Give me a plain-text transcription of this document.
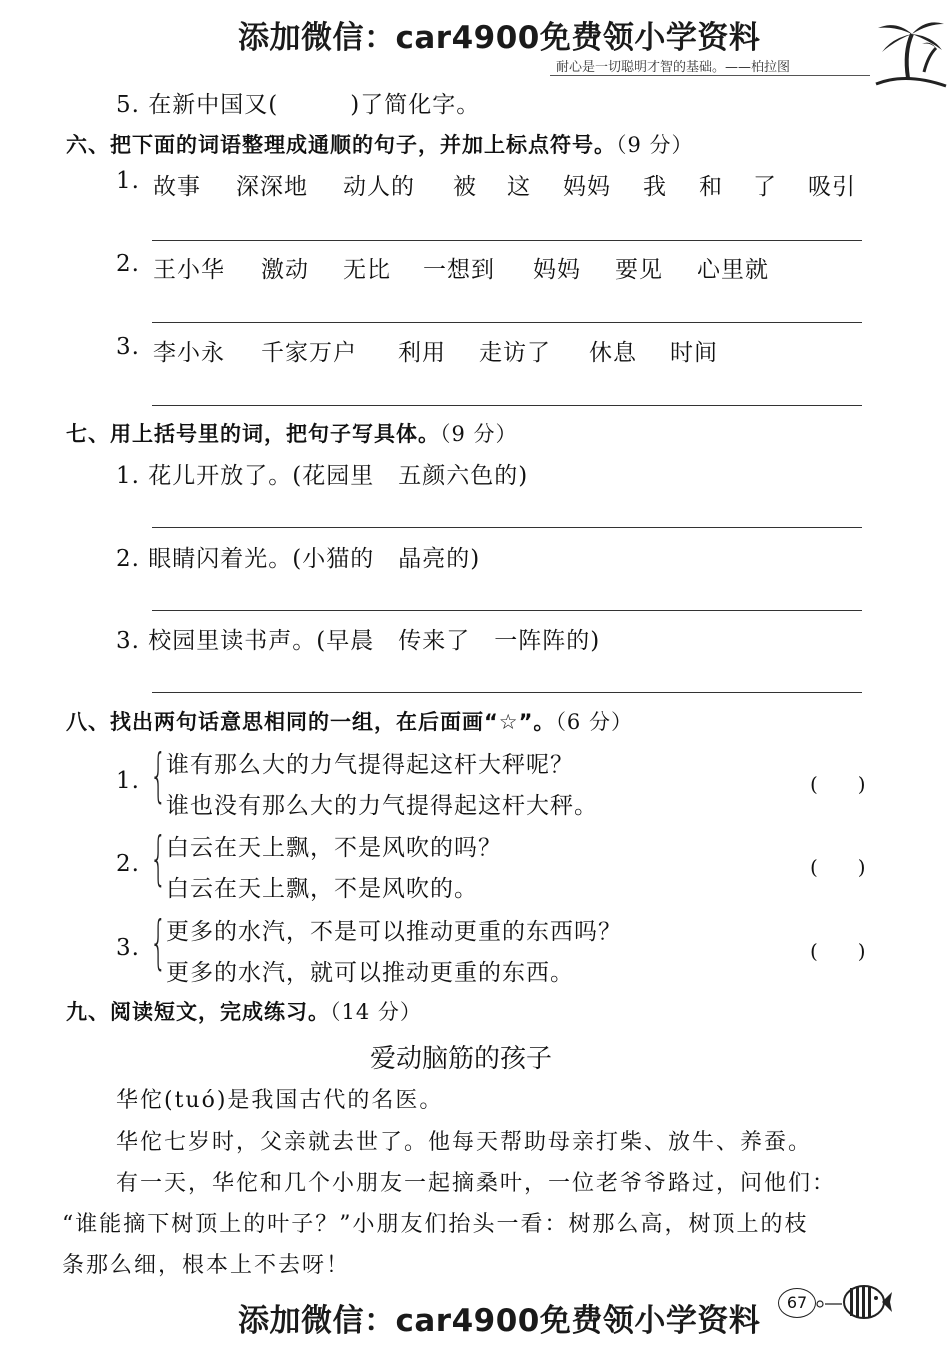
添加微信：car4900免费领小学资料
耐心是一切聪明才智的基础。——柏拉图
5. 在新中国又(　　　)了简化字。
六、把下面的词语整理成通顺的句子，并加上标点符号。（9 分）
1. 故事 深深地 动人的 被 这 妈妈 我 和 了 吸引
2. 王小华 激动 无比 一想到 妈妈 要见 心里就
3. 李小永 千家万户 利用 走访了 休息 时间
七、用上括号里的词，把句子写具体。（9 分）
1. 花儿开放了。(花园里　五颜六色的)
2. 眼睛闪着光。(小猫的　晶亮的)
3. 校园里读书声。(早晨　传来了　一阵阵的)
八、找出两句话意思相同的一组，在后面画“☆”。（6 分）
1. { 谁有那么大的力气提得起这杆大秤呢？
谁也没有那么大的力气提得起这杆大秤。
(　　)
2. { 白云在天上飘，不是风吹的吗？
白云在天上飘，不是风吹的。
(　　)
3. { 更多的水汽，不是可以推动更重的东西吗？
更多的水汽，就可以推动更重的东西。
(　　)
九、阅读短文，完成练习。（14 分）
爱动脑筋的孩子
华佗(tuó)是我国古代的名医。
华佗七岁时，父亲就去世了。他每天帮助母亲打柴、放牛、养蚕。
有一天，华佗和几个小朋友一起摘桑叶，一位老爷爷路过，问他们：
“谁能摘下树顶上的叶子？”小朋友们抬头一看：树那么高，树顶上的枝
条那么细，根本上不去呀！
添加微信：car4900免费领小学资料
67
